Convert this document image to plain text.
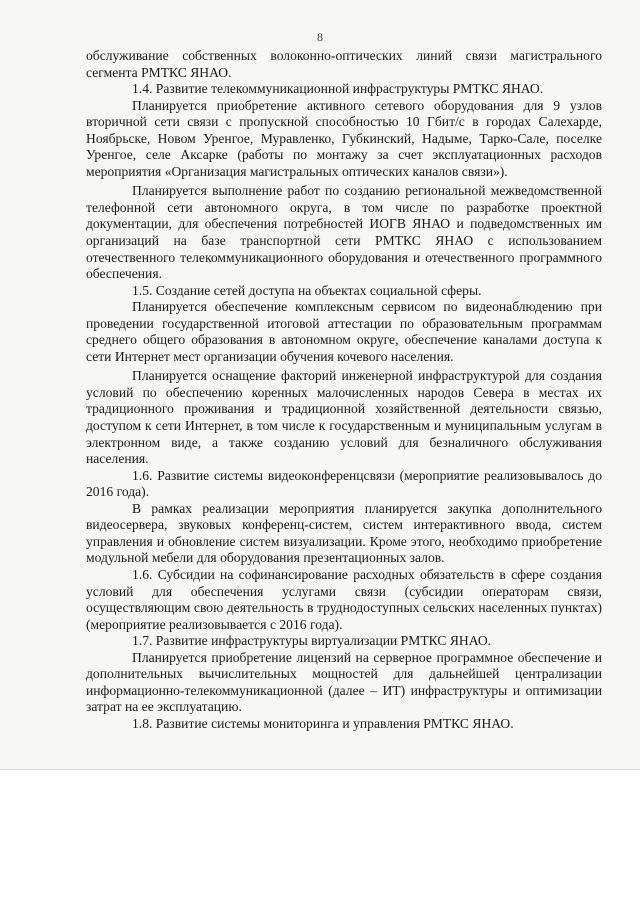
8

обслуживание собственных волоконно-оптических линий связи магистрального сегмента РМТКС ЯНАО.

1.4. Развитие телекоммуникационной инфраструктуры РМТКС ЯНАО.

Планируется приобретение активного сетевого оборудования для 9 узлов вторичной сети связи с пропускной способностью 10 Гбит/с в городах Салехарде, Ноябрьске, Новом Уренгое, Муравленко, Губкинский, Надыме, Тарко-Сале, поселке Уренгое, селе Аксарке (работы по монтажу за счет эксплуатационных расходов мероприятия «Организация магистральных оптических каналов связи»).

Планируется выполнение работ по созданию региональной межведомственной телефонной сети автономного округа, в том числе по разработке проектной документации, для обеспечения потребностей ИОГВ ЯНАО и подведомственных им организаций на базе транспортной сети РМТКС ЯНАО с использованием отечественного телекоммуникационного оборудования и отечественного программного обеспечения.

1.5. Создание сетей доступа на объектах социальной сферы.

Планируется обеспечение комплексным сервисом по видеонаблюдению при проведении государственной итоговой аттестации по образовательным программам среднего общего образования в автономном округе, обеспечение каналами доступа к сети Интернет мест организации обучения кочевого населения.

Планируется оснащение факторий инженерной инфраструктурой для создания условий по обеспечению коренных малочисленных народов Севера в местах их традиционного проживания и традиционной хозяйственной деятельности связью, доступом к сети Интернет, в том числе к государственным и муниципальным услугам в электронном виде, а также созданию условий для безналичного обслуживания населения.

1.6. Развитие системы видеоконференцсвязи (мероприятие реализовывалось до 2016 года).

В рамках реализации мероприятия планируется закупка дополнительного видеосервера, звуковых конференц-систем, систем интерактивного ввода, систем управления и обновление систем визуализации. Кроме этого, необходимо приобретение модульной мебели для оборудования презентационных залов.

1.6. Субсидии на софинансирование расходных обязательств в сфере создания условий для обеспечения услугами связи (субсидии операторам связи, осуществляющим свою деятельность в труднодоступных сельских населенных пунктах) (мероприятие реализовывается с 2016 года).

1.7. Развитие инфраструктуры виртуализации РМТКС ЯНАО.

Планируется приобретение лицензий на серверное программное обеспечение и дополнительных вычислительных мощностей для дальнейшей централизации информационно-телекоммуникационной (далее – ИТ) инфраструктуры и оптимизации затрат на ее эксплуатацию.

1.8. Развитие системы мониторинга и управления РМТКС ЯНАО.
